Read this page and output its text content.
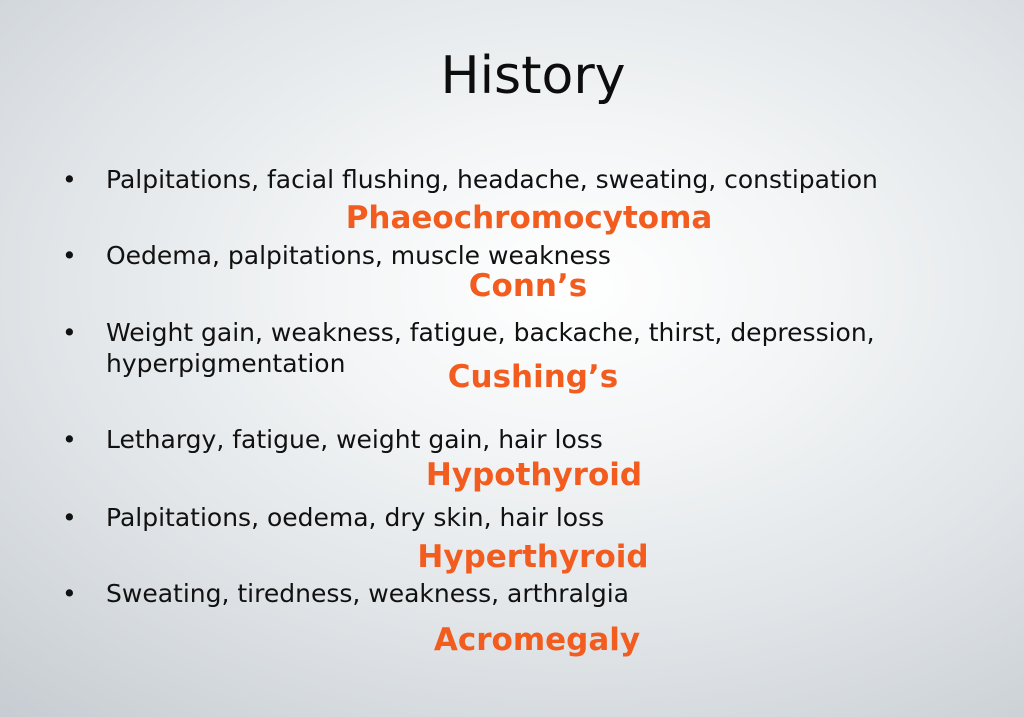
History
• Palpitations, facial flushing, headache, sweating, constipation
Phaeochromocytoma
• Oedema, palpitations, muscle weakness
Conn’s
• Weight gain, weakness, fatigue, backache, thirst, depression, hyperpigmentation	Cushing’s
• Lethargy, fatigue, weight gain, hair loss
Hypothyroid
• Palpitations, oedema, dry skin, hair loss
Hyperthyroid
• Sweating, tiredness, weakness, arthralgia
Acromegaly
